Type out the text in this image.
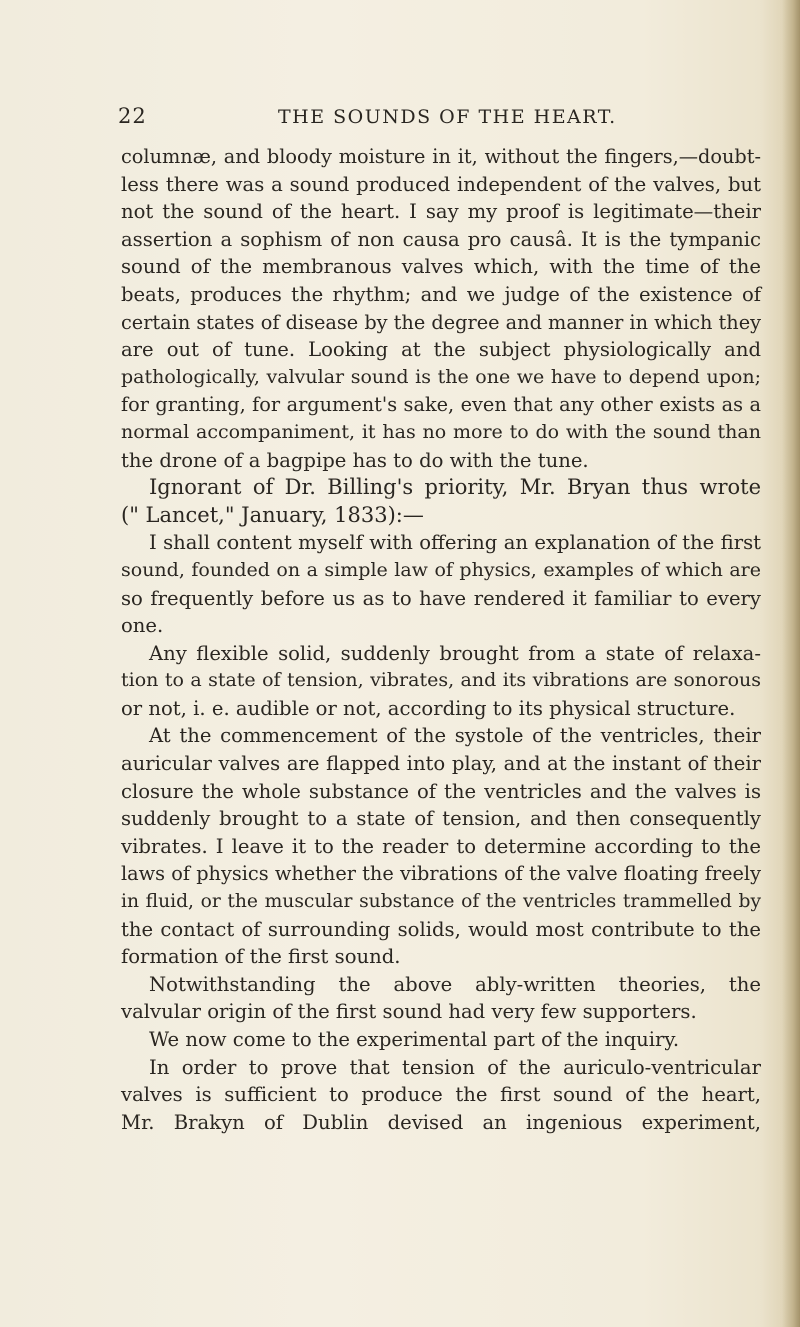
22	THE SOUNDS OF THE HEART.
columnæ, and bloody moisture in it, without the fingers,—doubt-
less there was a sound produced independent of the valves, but
not the sound of the heart. I say my proof is legitimate—their
assertion a sophism of non causa pro causâ. It is the tympanic
sound of the membranous valves which, with the time of the
beats, produces the rhythm; and we judge of the existence of
certain states of disease by the degree and manner in which they
are out of tune. Looking at the subject physiologically and
pathologically, valvular sound is the one we have to depend upon;
for granting, for argument's sake, even that any other exists as a
normal accompaniment, it has no more to do with the sound than
the drone of a bagpipe has to do with the tune.
Ignorant of Dr. Billing's priority, Mr. Bryan thus wrote
(" Lancet," January, 1833):—
I shall content myself with offering an explanation of the first
sound, founded on a simple law of physics, examples of which are
so frequently before us as to have rendered it familiar to every
one.
Any flexible solid, suddenly brought from a state of relaxa-
tion to a state of tension, vibrates, and its vibrations are sonorous
or not, i. e. audible or not, according to its physical structure.
At the commencement of the systole of the ventricles, their
auricular valves are flapped into play, and at the instant of their
closure the whole substance of the ventricles and the valves is
suddenly brought to a state of tension, and then consequently
vibrates. I leave it to the reader to determine according to the
laws of physics whether the vibrations of the valve floating freely
in fluid, or the muscular substance of the ventricles trammelled by
the contact of surrounding solids, would most contribute to the
formation of the first sound.
Notwithstanding the above ably-written theories, the
valvular origin of the first sound had very few supporters.
We now come to the experimental part of the inquiry.
In order to prove that tension of the auriculo-ventricular
valves is sufficient to produce the first sound of the heart,
Mr. Brakyn of Dublin devised an ingenious experiment,
